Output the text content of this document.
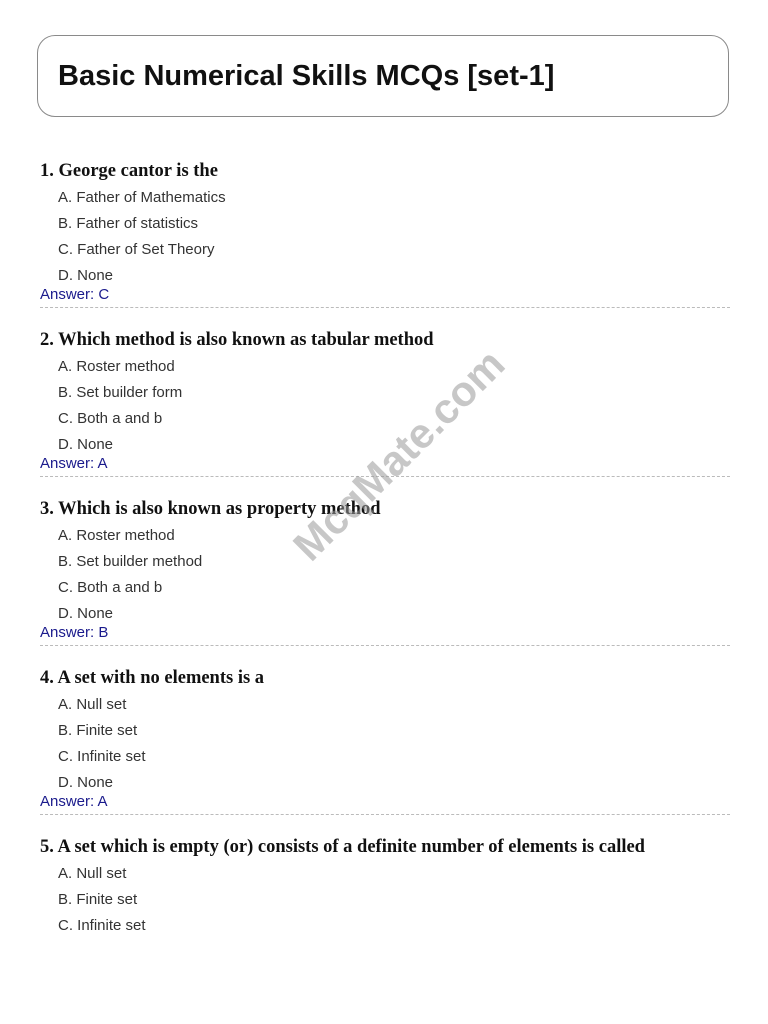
Basic Numerical Skills MCQs [set-1]
1. George cantor is the
A. Father of Mathematics
B. Father of statistics
C. Father of Set Theory
D. None
Answer: C
2. Which method is also known as tabular method
A. Roster method
B. Set builder form
C. Both a and b
D. None
Answer: A
3. Which is also known as property method
A. Roster method
B. Set builder method
C. Both a and b
D. None
Answer: B
4. A set with no elements is a
A. Null set
B. Finite set
C. Infinite set
D. None
Answer: A
5. A set which is empty (or) consists of a definite number of elements is called
A. Null set
B. Finite set
C. Infinite set
McqMate.com
